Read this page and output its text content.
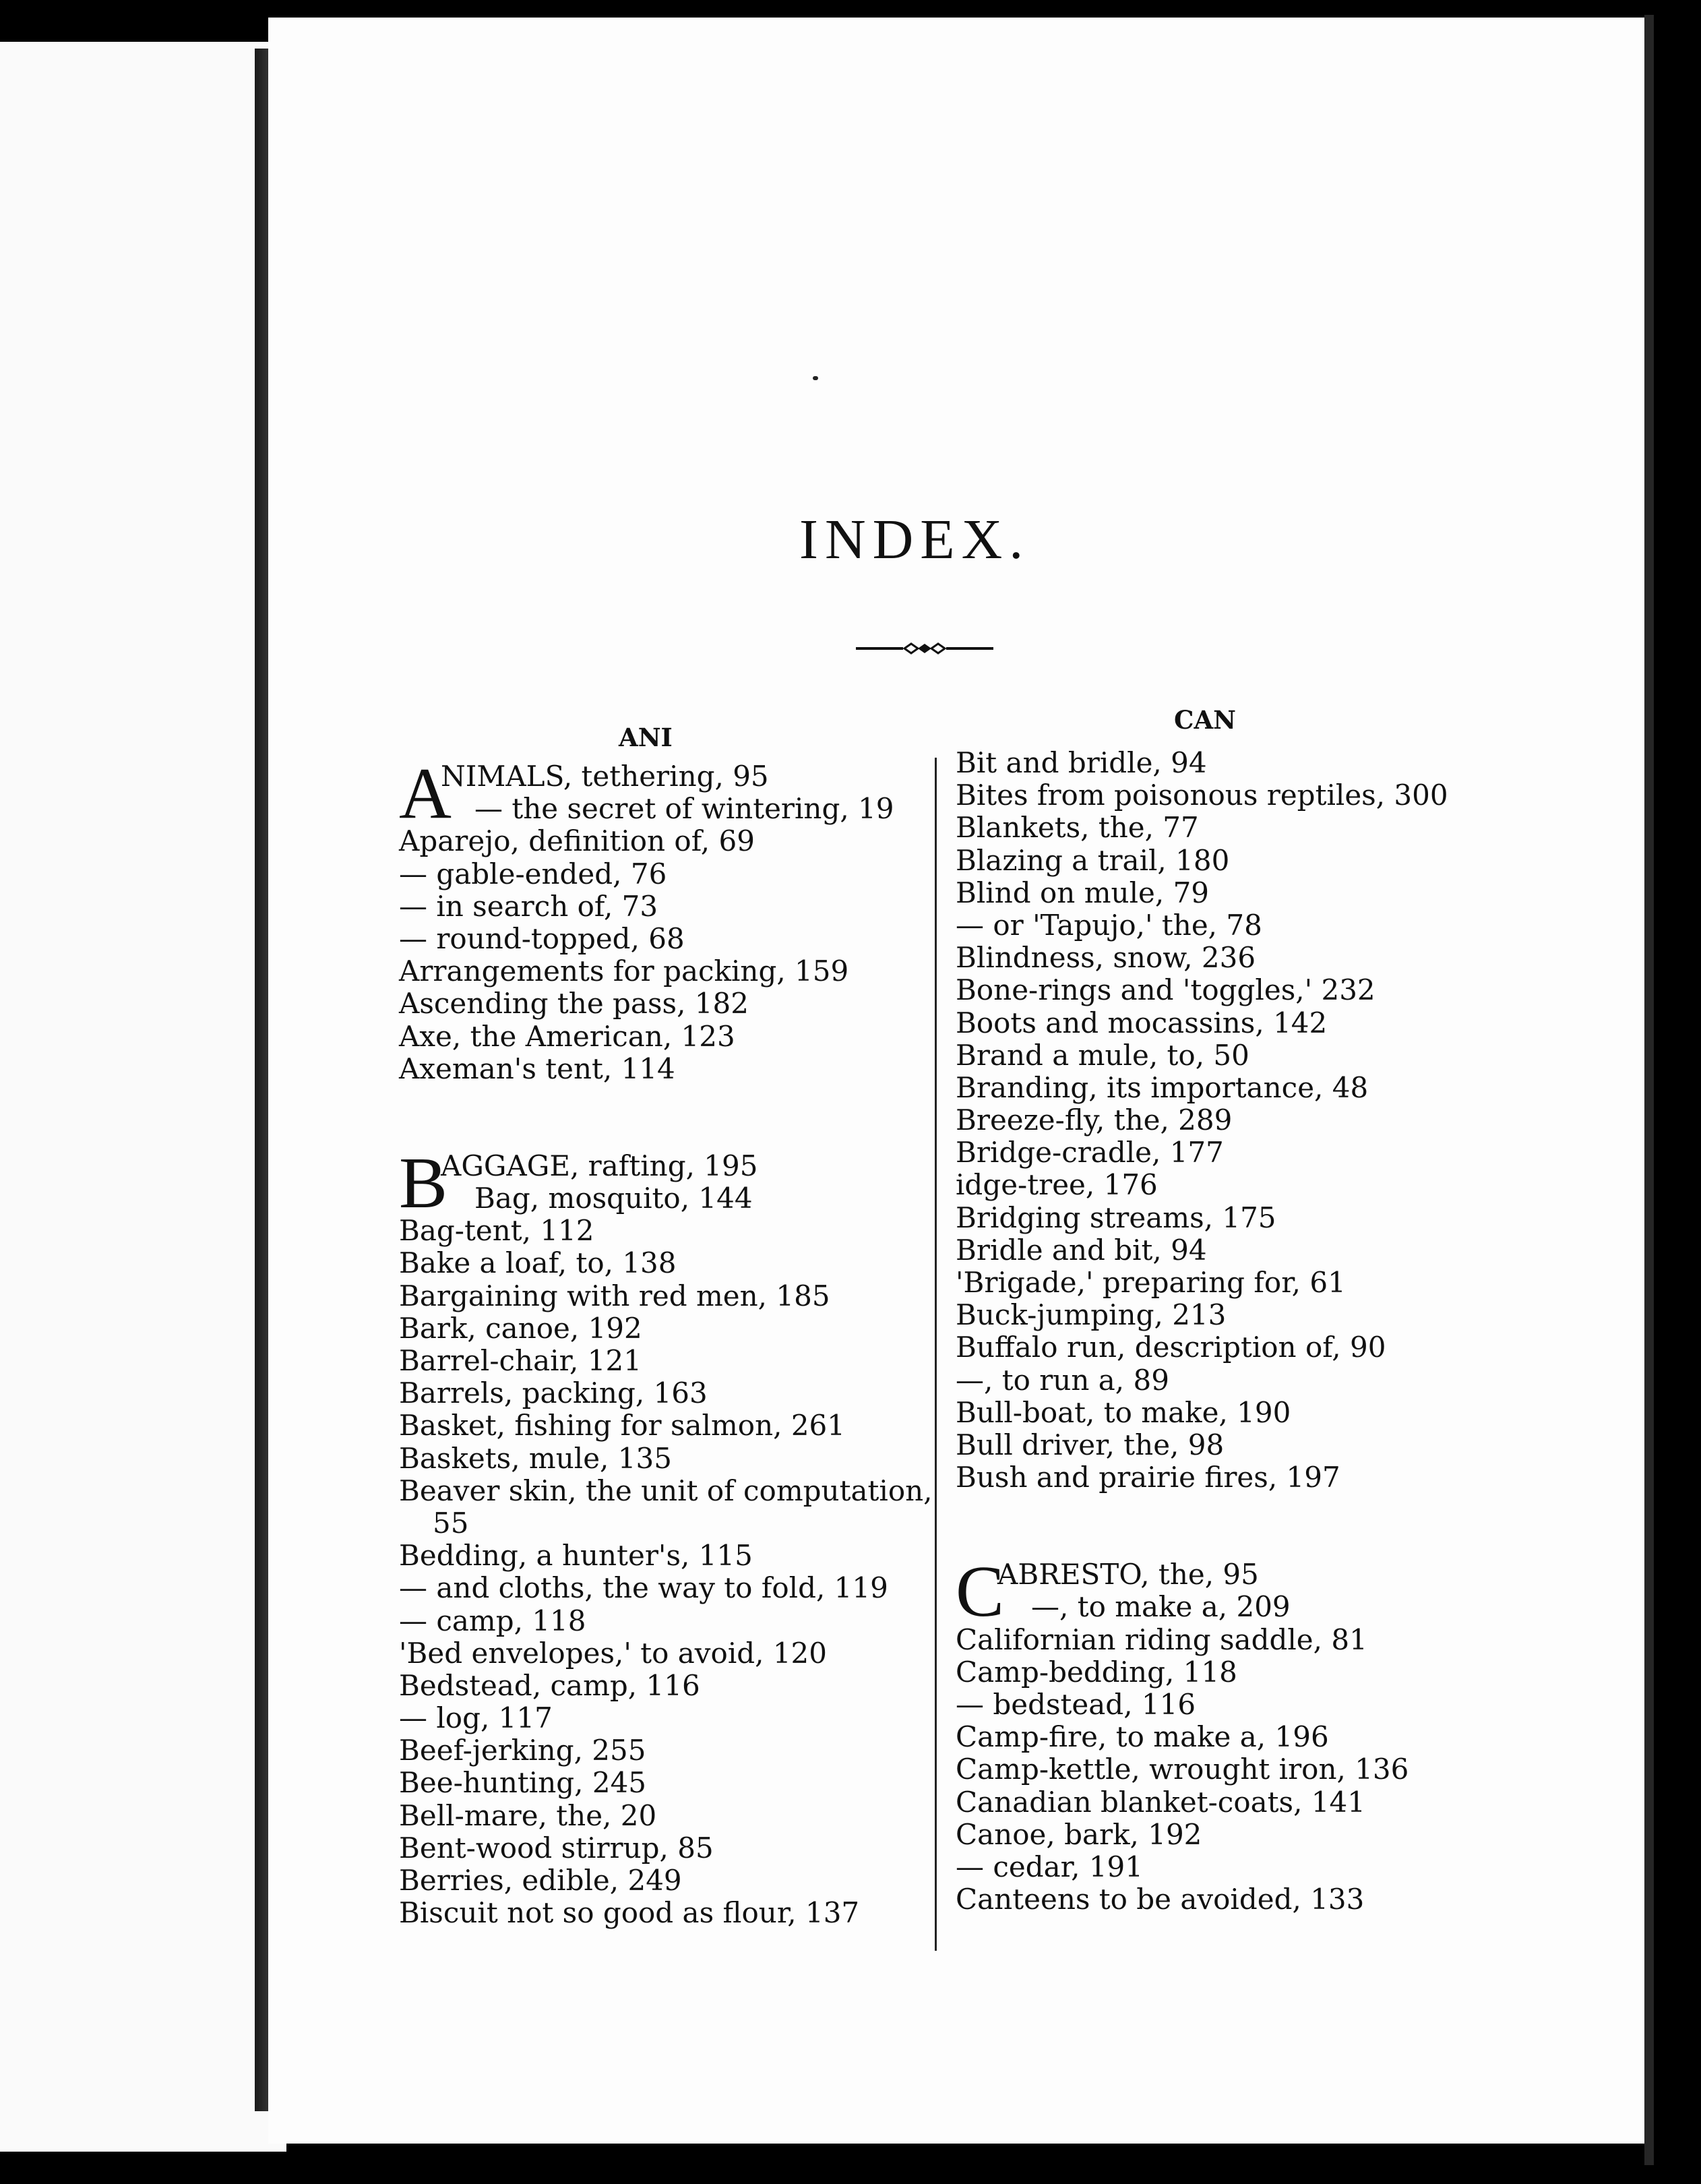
INDEX.
ANI
CAN
A
NIMALS, tethering, 95
— the secret of wintering, 19
Aparejo, definition of, 69
— gable-ended, 76
— in search of, 73
— round-topped, 68
Arrangements for packing, 159
Ascending the pass, 182
Axe, the American, 123
Axeman's tent, 114
B
AGGAGE, rafting, 195
Bag, mosquito, 144
Bag-tent, 112
Bake a loaf, to, 138
Bargaining with red men, 185
Bark, canoe, 192
Barrel-chair, 121
Barrels, packing, 163
Basket, fishing for salmon, 261
Baskets, mule, 135
Beaver skin, the unit of computation,
55
Bedding, a hunter's, 115
— and cloths, the way to fold, 119
— camp, 118
'Bed envelopes,' to avoid, 120
Bedstead, camp, 116
— log, 117
Beef-jerking, 255
Bee-hunting, 245
Bell-mare, the, 20
Bent-wood stirrup, 85
Berries, edible, 249
Biscuit not so good as flour, 137
Bit and bridle, 94
Bites from poisonous reptiles, 300
Blankets, the, 77
Blazing a trail, 180
Blind on mule, 79
— or 'Tapujo,' the, 78
Blindness, snow, 236
Bone-rings and 'toggles,' 232
Boots and mocassins, 142
Brand a mule, to, 50
Branding, its importance, 48
Breeze-fly, the, 289
Bridge-cradle, 177
idge-tree, 176
Bridging streams, 175
Bridle and bit, 94
'Brigade,' preparing for, 61
Buck-jumping, 213
Buffalo run, description of, 90
—, to run a, 89
Bull-boat, to make, 190
Bull driver, the, 98
Bush and prairie fires, 197
C
ABRESTO, the, 95
—, to make a, 209
Californian riding saddle, 81
Camp-bedding, 118
— bedstead, 116
Camp-fire, to make a, 196
Camp-kettle, wrought iron, 136
Canadian blanket-coats, 141
Canoe, bark, 192
— cedar, 191
Canteens to be avoided, 133
